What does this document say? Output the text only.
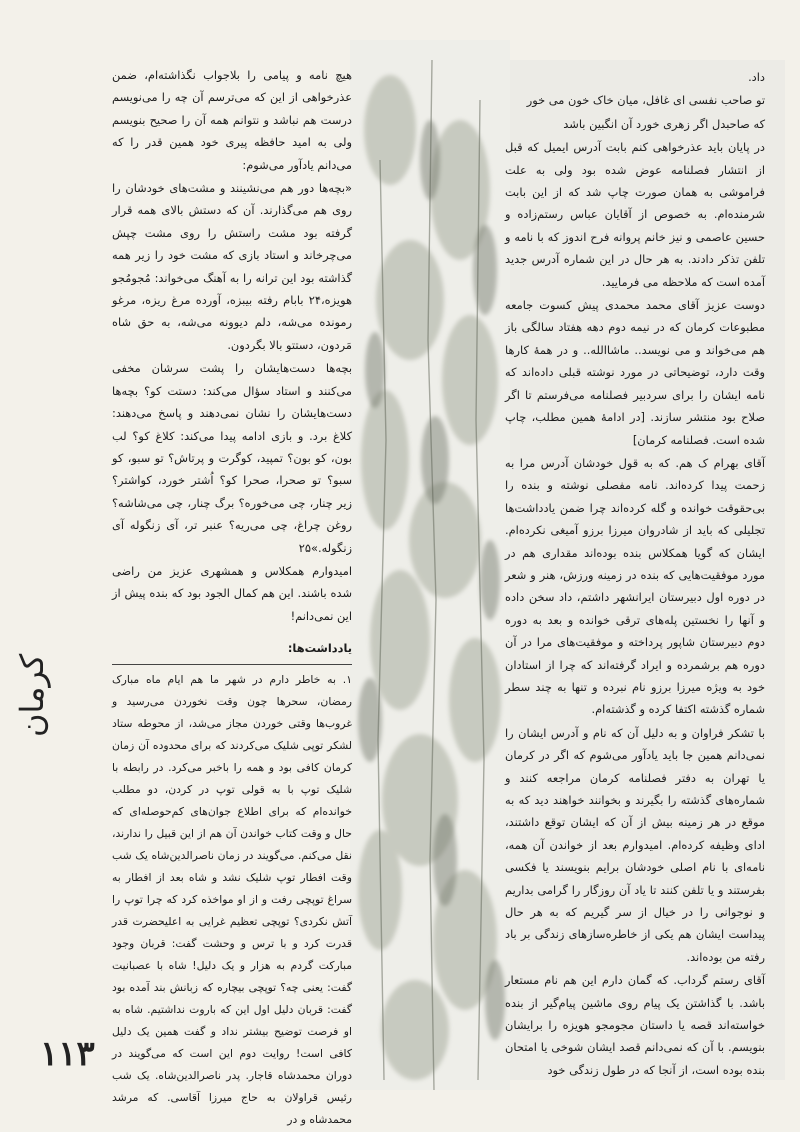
داد.

تو صاحب نفسی ای غافل، میان خاک خون می خور

که صاحبدل اگر زهری خورد آن انگبین باشد

در پایان باید عذرخواهی کنم بابت آدرس ایمیل که قبل از انتشار فصلنامه عوض شده بود ولی به علت فراموشی به همان صورت چاپ شد که از این بابت شرمنده‌ام. به خصوص از آقایان عباس رستم‌زاده و حسین عاصمی و نیز خانم پروانه فرح اندوز که با نامه و تلفن تذکر دادند. به هر حال در این شماره آدرس جدید آمده است که ملاحظه می فرمایید.

دوست عزیز آقای محمد محمدی پیش کسوت جامعه مطبوعات کرمان که در نیمه دوم دهه هفتاد سالگی باز هم می‌خواند و می نویسد.. ماشاالله.. و در همهٔ کارها وقت دارد، توضیحاتی در مورد نوشته قبلی داده‌اند که نامه ایشان را برای سردبیر فصلنامه می‌فرستم تا اگر صلاح بود منتشر سازند. [در ادامهٔ همین مطلب، چاپ شده است. فصلنامه کرمان]

آقای بهرام ک هم. که به قول خودشان آدرس مرا به زحمت پیدا کرده‌اند. نامه مفصلی نوشته و بنده را بی‌حقوقت خوانده و گله کرده‌اند چرا ضمن یادداشت‌ها تجلیلی که باید از شادروان میرزا برزو آمیغی نکرده‌ام. ایشان که گویا همکلاس بنده بوده‌اند مقداری هم در مورد موفقیت‌هایی که بنده در زمینه ورزش، هنر و شعر در دوره اول دبیرستان ایرانشهر داشتم، داد سخن داده و آنها را نخستین پله‌های ترقی خوانده و بعد به دوره دوم دبیرستان شاپور پرداخته و موفقیت‌های مرا در آن دوره هم برشمرده و ایراد گرفته‌اند که چرا از استادان خود به ویژه میرزا برزو نام نبرده و تنها به چند سطر شماره گذشته اکتفا کرده و گذشته‌ام.

با تشکر فراوان و به دلیل آن که نام و آدرس ایشان را نمی‌دانم همین جا باید یادآور می‌شوم که اگر در کرمان یا تهران به دفتر فصلنامه کرمان مراجعه کنند و شماره‌های گذشته را بگیرند و بخوانند خواهند دید که به موقع در هر زمینه بیش از آن که ایشان توقع داشتند، ادای وظیفه کرده‌ام. امیدوارم بعد از خواندن آن همه، نامه‌ای با نام اصلی خودشان برایم بنویسند یا فکسی بفرستند و یا تلفن کنند تا یاد آن روزگار را گرامی بداریم و نوجوانی را در خیال از سر گیریم که به هر حال پیداست ایشان هم یکی از خاطره‌سازهای زندگی بر باد رفته من بوده‌اند.

آقای رستم گرداب. که گمان دارم این هم نام مستعار باشد. با گذاشتن یک پیام روی ماشین پیام‌گیر از بنده خواسته‌اند قصه یا داستان مجومجو هویزه را برایشان بنویسم. با آن که نمی‌دانم قصد ایشان شوخی یا امتحان بنده بوده است، از آنجا که در طول زندگی خود

هیچ نامه و پیامی را بلاجواب نگذاشته‌ام، ضمن عذرخواهی از این که می‌ترسم آن چه را می‌نویسم درست هم نباشد و نتوانم همه آن را صحیح بنویسم ولی به امید حافظه پیری خود همین قدر را که می‌دانم یادآور می‌شوم:

«بچه‌ها دور هم می‌نشینند و مشت‌های خودشان را روی هم می‌گذارند. آن که دستش بالای همه قرار گرفته بود مشت راستش را روی مشت چپش می‌چرخاند و استاد بازی که مشت خود را زیر همه گذاشته بود این ترانه را به آهنگ می‌خواند: مُجومُجو هویزه،۲۴ بابام رفته بیبزه، آورده مرغ ریزه، مرغو رمونده می‌شه، دلم دیوونه می‌شه، به حق شاه مَردون، دستتو بالا بگردون.

بچه‌ها دست‌هایشان را پشت سرشان مخفی می‌کنند و استاد سؤال می‌کند: دستت کو؟ بچه‌ها دست‌هایشان را نشان نمی‌دهند و پاسخ می‌دهند: کلاغ برد. و بازی ادامه پیدا می‌کند: کلاغ کو؟ لب بون، کو بون؟ تمپید، کوگرت و پرتاش؟ تو سبو، کو سبو؟ تو صحرا، صحرا کو؟ اُشتر خورد، کواشتر؟ زیر چنار، چی می‌خوره؟ برگ چنار، چی می‌شاشه؟ روغن چراغ، چی می‌ریه؟ عنبر تر، آی زنگوله آی زنگوله.»۲۵

امیدوارم همکلاس و همشهری عزیز من راضی شده باشند. این هم کمال الجود بود که بنده پیش از این نمی‌دانم!

یادداشت‌ها:

۱. به خاطر دارم در شهر ما هم ایام ماه مبارک رمضان، سحرها چون وقت نخوردن می‌رسید و غروب‌ها وقتی خوردن مجاز می‌شد، از محوطه ستاد لشکر توپی شلیک می‌کردند که برای محدوده آن زمان کرمان کافی بود و همه را باخبر می‌کرد. در رابطه با شلیک توپ با به قولی توپ در کردن، دو مطلب خوانده‌ام که برای اطلاع جوان‌های کم‌حوصله‌ای که حال و وقت کتاب خواندن آن هم از این قبیل را ندارند، نقل می‌کنم. می‌گویند در زمان ناصرالدین‌شاه یک شب وقت افطار توپ شلیک نشد و شاه بعد از افطار به سراغ توپچی رفت و از او مواخذه کرد که چرا توپ را آتش نکردی؟ توپچی تعظیم غرایی به اعلیحضرت قدر قدرت کرد و با ترس و وحشت گفت: قربان وجود مبارکت گردم به هزار و یک دلیل! شاه با عصبانیت گفت: یعنی چه؟ توپچی بیچاره که زبانش بند آمده بود گفت: قربان دلیل اول این که باروت نداشتیم. شاه به او فرصت توضیح بیشتر نداد و گفت همین یک دلیل کافی است! روایت دوم این است که می‌گویند در دوران محمدشاه قاجار. پدر ناصرالدین‌شاه. یک شب رئیس قراولان به حاج میرزا آقاسی. که مرشد محمدشاه و در

کرمان
۱۱۳
